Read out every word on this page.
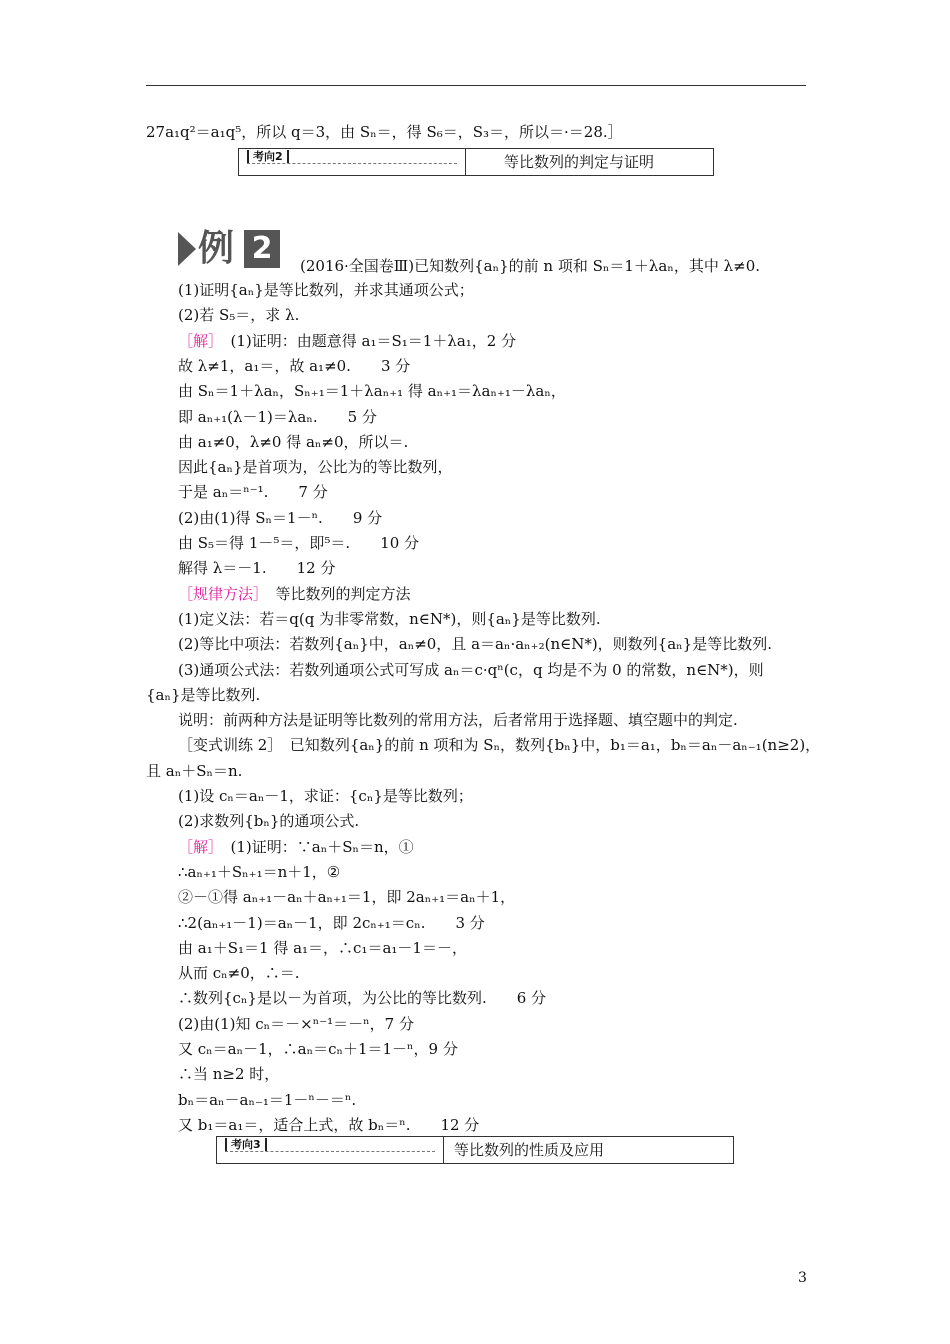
27a₁q²＝a₁q⁵，所以 q＝3，由 Sₙ＝，得 S₆＝，S₃＝，所以＝·＝28.］
考向2	等比数列的判定与证明
例 2	(2016·全国卷Ⅲ)已知数列{aₙ}的前 n 项和 Sₙ＝1＋λaₙ，其中 λ≠0.
(1)证明{aₙ}是等比数列，并求其通项公式；
(2)若 S₅＝，求 λ.
［解］　 (1)证明：由题意得 a₁＝S₁＝1＋λa₁，2 分
故 λ≠1，a₁＝，故 a₁≠0.　　3 分
由 Sₙ＝1＋λaₙ，Sₙ₊₁＝1＋λaₙ₊₁ 得 aₙ₊₁＝λaₙ₊₁－λaₙ，
即 aₙ₊₁(λ－1)＝λaₙ.　　5 分
由 a₁≠0，λ≠0 得 aₙ≠0，所以＝.
因此{aₙ}是首项为，公比为的等比数列，
于是 aₙ＝ⁿ⁻¹.　　7 分
(2)由(1)得 Sₙ＝1－ⁿ.　　9 分
由 S₅＝得 1－⁵＝，即⁵＝.　　10 分
解得 λ＝－1.　　12 分
［规律方法］　 等比数列的判定方法
(1)定义法：若＝q(q 为非零常数，n∈N*)，则{aₙ}是等比数列.
(2)等比中项法：若数列{aₙ}中，aₙ≠0，且 a＝aₙ·aₙ₊₂(n∈N*)，则数列{aₙ}是等比数列.
(3)通项公式法：若数列通项公式可写成 aₙ＝c·qⁿ(c，q 均是不为 0 的常数，n∈N*)，则
{aₙ}是等比数列.
说明：前两种方法是证明等比数列的常用方法，后者常用于选择题、填空题中的判定.
［变式训练 2］　已知数列{aₙ}的前 n 项和为 Sₙ，数列{bₙ}中，b₁＝a₁，bₙ＝aₙ－aₙ₋₁(n≥2)，
且 aₙ＋Sₙ＝n.
(1)设 cₙ＝aₙ－1，求证：{cₙ}是等比数列；
(2)求数列{bₙ}的通项公式.
［解］　 (1)证明：∵aₙ＋Sₙ＝n，①
∴aₙ₊₁＋Sₙ₊₁＝n＋1，②
②－①得 aₙ₊₁－aₙ＋aₙ₊₁＝1，即 2aₙ₊₁＝aₙ＋1，
∴2(aₙ₊₁－1)＝aₙ－1，即 2cₙ₊₁＝cₙ.　　3 分
由 a₁＋S₁＝1 得 a₁＝，∴c₁＝a₁－1＝－，
从而 cₙ≠0，∴＝.
∴数列{cₙ}是以－为首项，为公比的等比数列.　　6 分
(2)由(1)知 cₙ＝－×ⁿ⁻¹＝－ⁿ，7 分
又 cₙ＝aₙ－1，∴aₙ＝cₙ＋1＝1－ⁿ，9 分
∴当 n≥2 时，
bₙ＝aₙ－aₙ₋₁＝1－ⁿ－＝ⁿ.
又 b₁＝a₁＝，适合上式，故 bₙ＝ⁿ.　　12 分
考向3	等比数列的性质及应用
3
